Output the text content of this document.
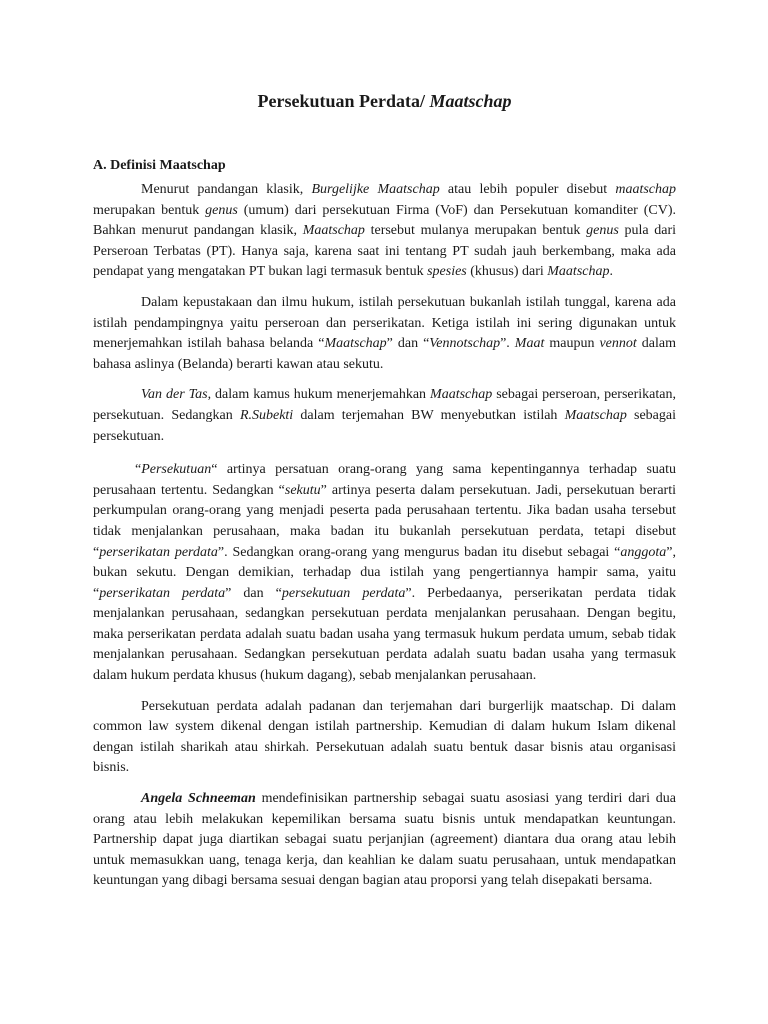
Persekutuan Perdata/ Maatschap
A. Definisi Maatschap

Menurut pandangan klasik, Burgelijke Maatschap atau lebih populer disebut maatschap merupakan bentuk genus (umum) dari persekutuan Firma (VoF) dan Persekutuan komanditer (CV). Bahkan menurut pandangan klasik, Maatschap tersebut mulanya merupakan bentuk genus pula dari Perseroan Terbatas (PT). Hanya saja, karena saat ini tentang PT sudah jauh berkembang, maka ada pendapat yang mengatakan PT bukan lagi termasuk bentuk spesies (khusus) dari Maatschap.

Dalam kepustakaan dan ilmu hukum, istilah persekutuan bukanlah istilah tunggal, karena ada istilah pendampingnya yaitu perseroan dan perserikatan. Ketiga istilah ini sering digunakan untuk menerjemahkan istilah bahasa belanda “Maatschap” dan “Vennotschap”. Maat maupun vennot dalam bahasa aslinya (Belanda) berarti kawan atau sekutu.

Van der Tas, dalam kamus hukum menerjemahkan Maatschap sebagai perseroan, perserikatan, persekutuan. Sedangkan R.Subekti dalam terjemahan BW menyebutkan istilah Maatschap sebagai persekutuan.

“Persekutuan“ artinya persatuan orang-orang yang sama kepentingannya terhadap suatu perusahaan tertentu. Sedangkan “sekutu” artinya peserta dalam persekutuan. Jadi, persekutuan berarti perkumpulan orang-orang yang menjadi peserta pada perusahaan tertentu. Jika badan usaha tersebut tidak menjalankan perusahaan, maka badan itu bukanlah persekutuan perdata, tetapi disebut “perserikatan perdata”. Sedangkan orang-orang yang mengurus badan itu disebut sebagai “anggota”, bukan sekutu. Dengan demikian, terhadap dua istilah yang pengertiannya hampir sama, yaitu “perserikatan perdata” dan “persekutuan perdata”. Perbedaanya, perserikatan perdata tidak menjalankan perusahaan, sedangkan persekutuan perdata menjalankan perusahaan. Dengan begitu, maka perserikatan perdata adalah suatu badan usaha yang termasuk hukum perdata umum, sebab tidak menjalankan perusahaan. Sedangkan persekutuan perdata adalah suatu badan usaha yang termasuk dalam hukum perdata khusus (hukum dagang), sebab menjalankan perusahaan.

Persekutuan perdata adalah padanan dan terjemahan dari burgerlijk maatschap. Di dalam common law system dikenal dengan istilah partnership. Kemudian di dalam hukum Islam dikenal dengan istilah sharikah atau shirkah. Persekutuan adalah suatu bentuk dasar bisnis atau organisasi bisnis.

Angela Schneeman mendefinisikan partnership sebagai suatu asosiasi yang terdiri dari dua orang atau lebih melakukan kepemilikan bersama suatu bisnis untuk mendapatkan keuntungan. Partnership dapat juga diartikan sebagai suatu perjanjian (agreement) diantara dua orang atau lebih untuk memasukkan uang, tenaga kerja, dan keahlian ke dalam suatu perusahaan, untuk mendapatkan keuntungan yang dibagi bersama sesuai dengan bagian atau proporsi yang telah disepakati bersama.
